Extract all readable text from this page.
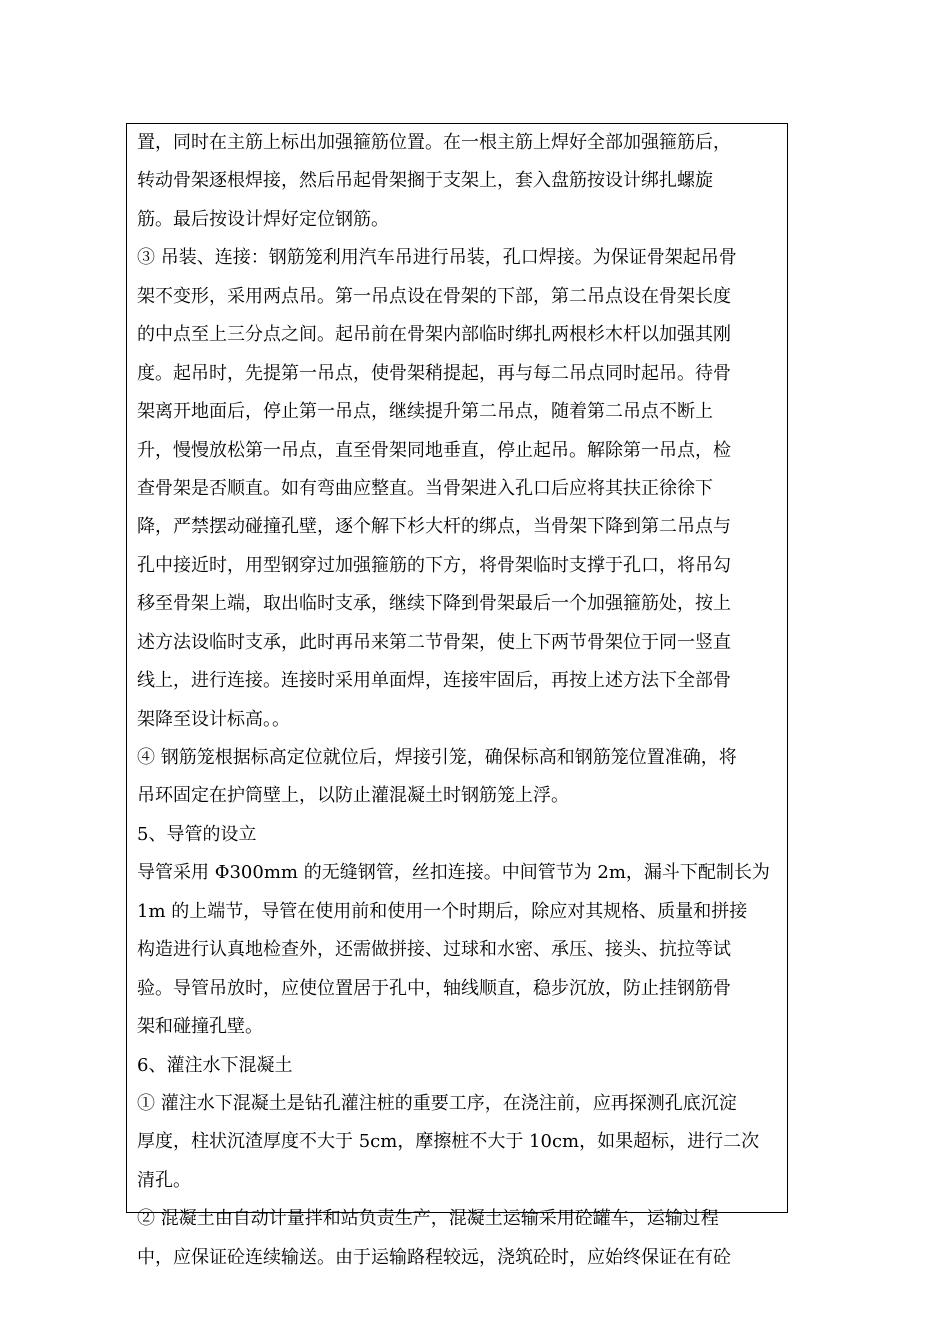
置，同时在主筋上标出加强箍筋位置。在一根主筋上焊好全部加强箍筋后，
转动骨架逐根焊接，然后吊起骨架搁于支架上，套入盘筋按设计绑扎螺旋
筋。最后按设计焊好定位钢筋。
③ 吊装、连接：钢筋笼利用汽车吊进行吊装，孔口焊接。为保证骨架起吊骨
架不变形，采用两点吊。第一吊点设在骨架的下部，第二吊点设在骨架长度
的中点至上三分点之间。起吊前在骨架内部临时绑扎两根杉木杆以加强其刚
度。起吊时，先提第一吊点，使骨架稍提起，再与每二吊点同时起吊。待骨
架离开地面后，停止第一吊点，继续提升第二吊点，随着第二吊点不断上
升，慢慢放松第一吊点，直至骨架同地垂直，停止起吊。解除第一吊点，检
查骨架是否顺直。如有弯曲应整直。当骨架进入孔口后应将其扶正徐徐下
降，严禁摆动碰撞孔壁，逐个解下杉大杆的绑点，当骨架下降到第二吊点与
孔中接近时，用型钢穿过加强箍筋的下方，将骨架临时支撑于孔口，将吊勾
移至骨架上端，取出临时支承，继续下降到骨架最后一个加强箍筋处，按上
述方法设临时支承，此时再吊来第二节骨架，使上下两节骨架位于同一竖直
线上，进行连接。连接时采用单面焊，连接牢固后，再按上述方法下全部骨
架降至设计标高。。
④ 钢筋笼根据标高定位就位后，焊接引笼，确保标高和钢筋笼位置准确，将
吊环固定在护筒壁上，以防止灌混凝土时钢筋笼上浮。
5、导管的设立
导管采用 Φ300mm 的无缝钢管，丝扣连接。中间管节为 2m，漏斗下配制长为
1m 的上端节，导管在使用前和使用一个时期后，除应对其规格、质量和拼接
构造进行认真地检查外，还需做拼接、过球和水密、承压、接头、抗拉等试
验。导管吊放时，应使位置居于孔中，轴线顺直，稳步沉放，防止挂钢筋骨
架和碰撞孔壁。
6、灌注水下混凝土
① 灌注水下混凝土是钻孔灌注桩的重要工序，在浇注前，应再探测孔底沉淀
厚度，柱状沉渣厚度不大于 5cm，摩擦桩不大于 10cm，如果超标，进行二次
清孔。
② 混凝土由自动计量拌和站负责生产，混凝土运输采用砼罐车，运输过程
中，应保证砼连续输送。由于运输路程较远，浇筑砼时，应始终保证在有砼
